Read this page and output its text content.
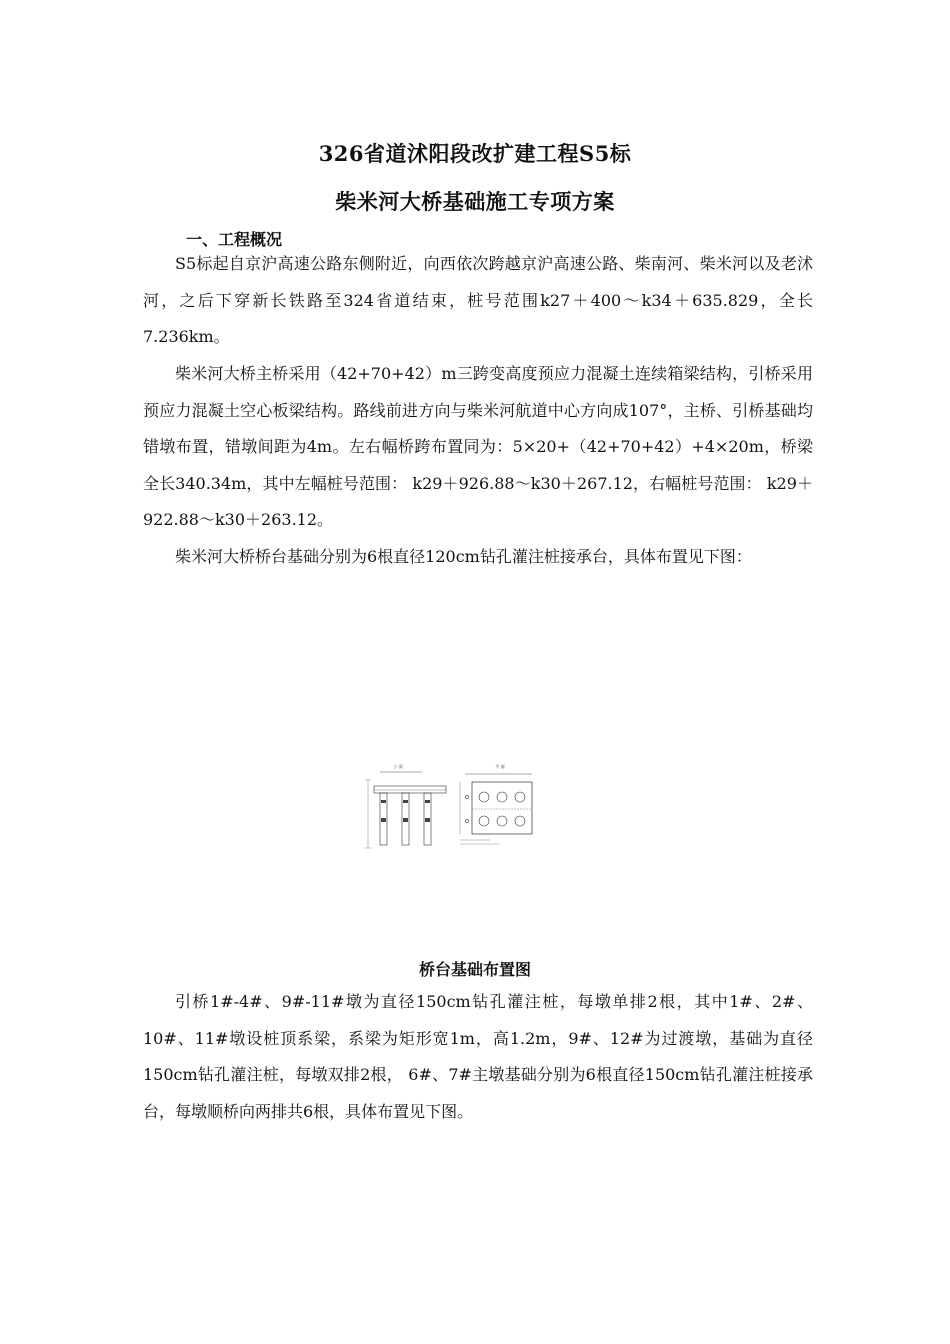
326省道沭阳段改扩建工程S5标
柴米河大桥基础施工专项方案
一、工程概况
S5标起自京沪高速公路东侧附近，向西依次跨越京沪高速公路、柴南河、柴米河以及老沭河，之后下穿新长铁路至324省道结束，桩号范围k27＋400～k34＋635.829，全长7.236km。
柴米河大桥主桥采用（42+70+42）m三跨变高度预应力混凝土连续箱梁结构，引桥采用预应力混凝土空心板梁结构。路线前进方向与柴米河航道中心方向成107°，主桥、引桥基础均错墩布置，错墩间距为4m。左右幅桥跨布置同为：5×20+（42+70+42）+4×20m，桥梁全长340.34m，其中左幅桩号范围： k29＋926.88～k30＋267.12，右幅桩号范围： k29＋922.88～k30＋263.12。
柴米河大桥桥台基础分别为6根直径120cm钻孔灌注桩接承台，具体布置见下图：
立 面	平 面
桥台基础布置图
引桥1#-4#、9#-11#墩为直径150cm钻孔灌注桩，每墩单排2根，其中1#、2#、10#、11#墩设桩顶系梁，系梁为矩形宽1m，高1.2m，9#、12#为过渡墩，基础为直径150cm钻孔灌注桩，每墩双排2根， 6#、7#主墩基础分别为6根直径150cm钻孔灌注桩接承台，每墩顺桥向两排共6根，具体布置见下图。
